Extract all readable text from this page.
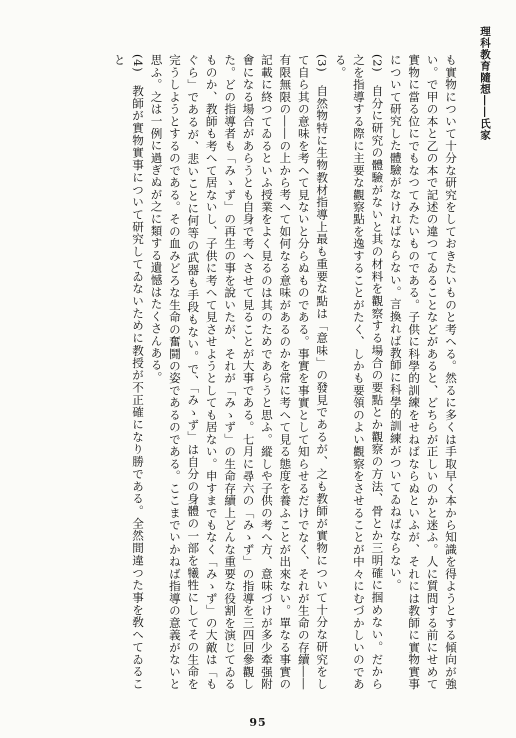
理科教育隨想――氏家
も實物について十分な研究をしておきたいものと考へる。然るに多くは手取早く本から知識を得ようとする傾向が強い。で甲の本と乙の本で記述の違つてゐることなどがあると、どちらが正しいのかと迷ふ。人に質問する前にせめて實物に當る位にでもなつてみたいものである。子供に科學的訓練をせねばならぬといふが、それには教師に實物實事について研究した體驗がなければならない。言換れば教師に科學的訓練がついてゐねばならない。
(2)　自分に研究の體驗がないと其の材料を觀察する場合の要點とか觀察の方法、骨とか三明確に掴めない。だから之を指導する際に主要な觀察點を逸することがたく、しかも要領のよい觀察をさせることが中々にむづかしいのである。
(3)　自然物特に生物教材指導上最も重要な點は「意味」の發見であるが、之も教師が實物について十分な研究をして自ら其の意味を考へて見ないと分らぬものである。事實を事實として知らせるだけでなく、それが生命の存續――有限無限の――の上から考へて如何なる意味があるのかを常に考へて見る態度を養ふことが出來ない。單なる事實の記載に終つてゐるといふ授業をよく見るのは其のためであらうと思ふ。縱しや子供の考へ方、意味づけが多少牽强附會になる場合があらうとも自身で考へさせて見ることが大事である。七月に尋六の「みゝず」の指導を三四回參觀した。どの指導者も「みゝず」の再生の事を說いたが、それが「みゝず」の生命存續上どんな重要な役割を演じてゐるものか、教師も考へて居ないし、子供に考へて見させようとしても居ない。申すまでもなく「みゝず」の大敵は「もぐら」であるが、悲いことに何等の武器も手段もない。で、「みゝず」は自分の身體の一部を犧牲にしてその生命を完うしようとするのである。その血みどろな生命の奮鬪の姿であるのである。ここまでいかねば指導の意義がないと思ふ。之は一例に過ぎぬが之に類する遺憾はたくさんある。
(4)　教師が實物實事について研究してゐないために教授が不正確になり勝である。全然間違つた事を敎へてゐること
95
